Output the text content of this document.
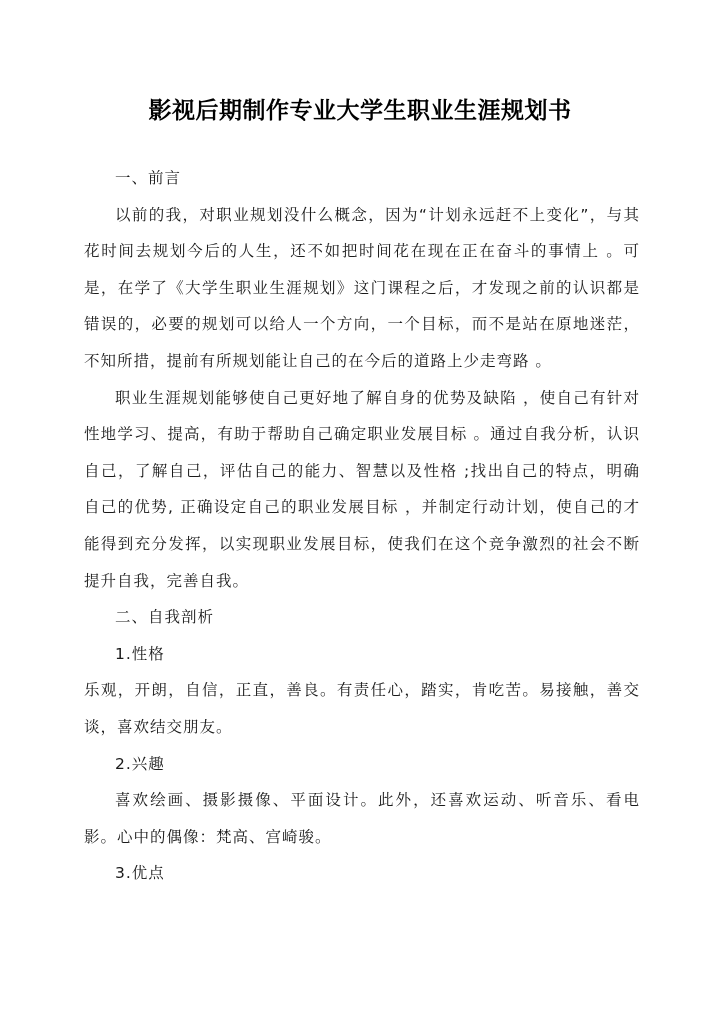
影视后期制作专业大学生职业生涯规划书

一、前言

以前的我，对职业规划没什么概念，因为“计划永远赶不上变化”，与其花时间去规划今后的人生，还不如把时间花在现在正在奋斗的事情上 。可是，在学了《大学生职业生涯规划》这门课程之后，才发现之前的认识都是错误的，必要的规划可以给人一个方向，一个目标，而不是站在原地迷茫，不知所措，提前有所规划能让自己的在今后的道路上少走弯路 。

职业生涯规划能够使自己更好地了解自身的优势及缺陷 ，使自己有针对性地学习、提高，有助于帮助自己确定职业发展目标 。通过自我分析，认识自己，了解自己，评估自己的能力、智慧以及性格 ;找出自己的特点，明确自己的优势, 正确设定自己的职业发展目标 ，并制定行动计划，使自己的才能得到充分发挥，以实现职业发展目标，使我们在这个竞争激烈的社会不断提升自我，完善自我。

二、自我剖析

1.性格

乐观，开朗，自信，正直，善良。有责任心，踏实，肯吃苦。易接触，善交谈，喜欢结交朋友。

2.兴趣

喜欢绘画、摄影摄像、平面设计。此外，还喜欢运动、听音乐、看电影。心中的偶像：梵高、宫崎骏。

3.优点
